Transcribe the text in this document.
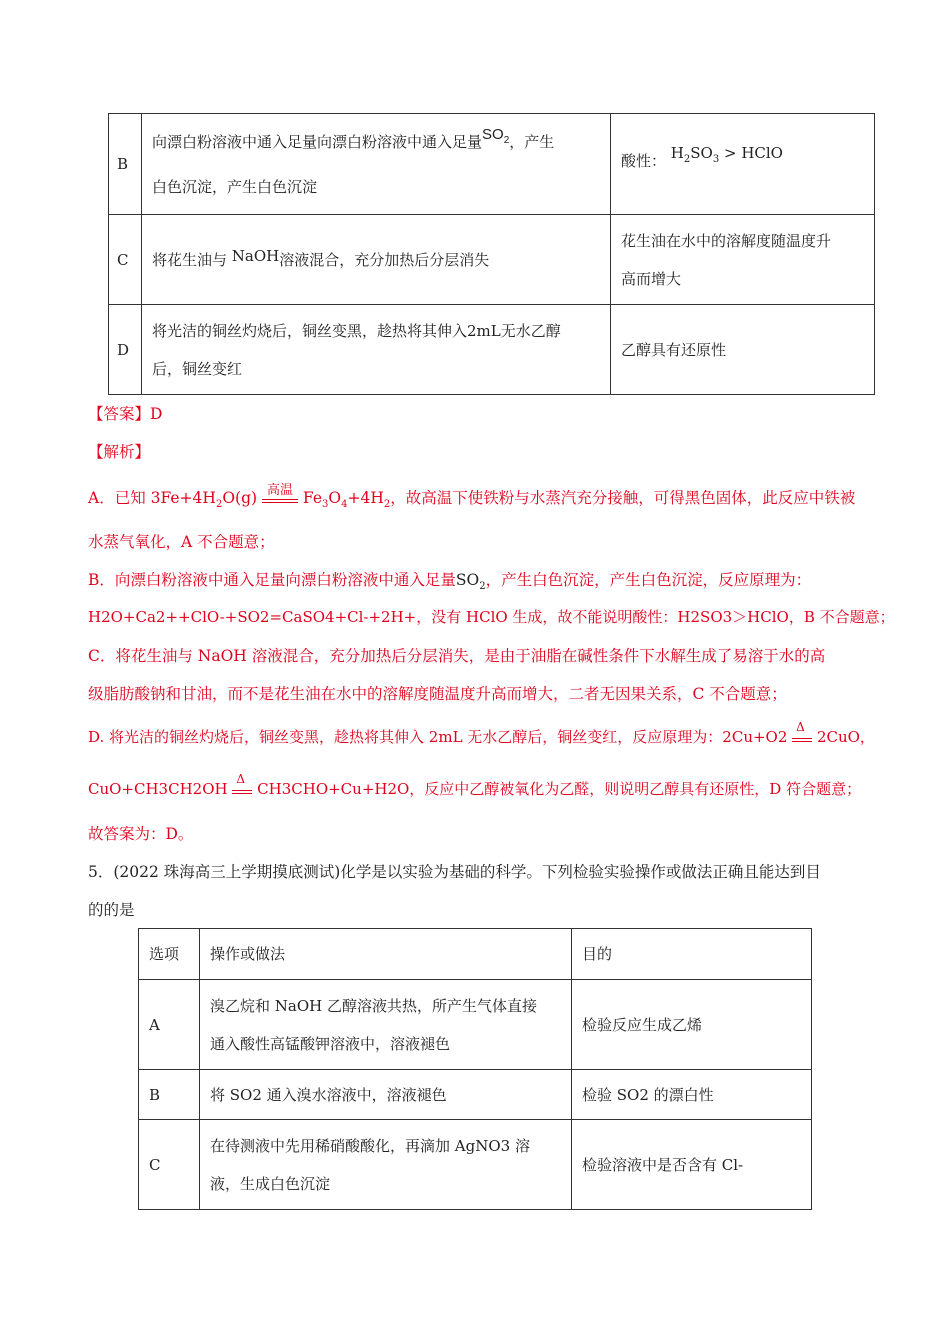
B	向漂白粉溶液中通入足量向漂白粉溶液中通入足量$SO_2$，产生
白色沉淀，产生白色沉淀	酸性： $H_2SO_3$ > HClO
C	将花生油与 NaOH溶液混合，充分加热后分层消失	花生油在水中的溶解度随温度升
高而增大

D	将光洁的铜丝灼烧后，铜丝变黑，趁热将其伸入2mL无水乙醇
后，铜丝变红	乙醇具有还原性
【答案】D
【解析】
A．已知 $3Fe+4H_2O(g)$ 高温 $Fe_3O_4+4H_2$，故高温下使铁粉与水蒸汽充分接触，可得黑色固体，此反应中铁被
水蒸气氧化，A 不合题意；
B．向漂白粉溶液中通入足量向漂白粉溶液中通入足量$SO_2$，产生白色沉淀，产生白色沉淀，反应原理为：
H2O+Ca2++ClO-+SO2=CaSO4+Cl-+2H+，没有 HClO 生成，故不能说明酸性：H2SO3＞HClO，B 不合题意；
C．将花生油与 NaOH 溶液混合，充分加热后分层消失，是由于油脂在碱性条件下水解生成了易溶于水的高
级脂肪酸钠和甘油，而不是花生油在水中的溶解度随温度升高而增大，二者无因果关系，C 不合题意；
D. 将光洁的铜丝灼烧后，铜丝变黑，趁热将其伸入 2mL 无水乙醇后，铜丝变红，反应原理为：2Cu+O2
Δ
2CuO，
CuO+CH3CH2OH
Δ
CH3CHO+Cu+H2O，反应中乙醇被氧化为乙醛，则说明乙醇具有还原性，D 符合题意；
故答案为：D。
5．(2022 珠海高三上学期摸底测试)化学是以实验为基础的科学。下列检验实验操作或做法正确且能达到目
的的是
选项	操作或做法	目的
A	溴乙烷和 NaOH 乙醇溶液共热，所产生气体直接
通入酸性高锰酸钾溶液中，溶液褪色	检验反应生成乙烯
B	将 SO2 通入溴水溶液中，溶液褪色	检验 SO2 的漂白性
C	在待测液中先用稀硝酸酸化，再滴加 AgNO3 溶
液，生成白色沉淀	检验溶液中是否含有 Cl-
